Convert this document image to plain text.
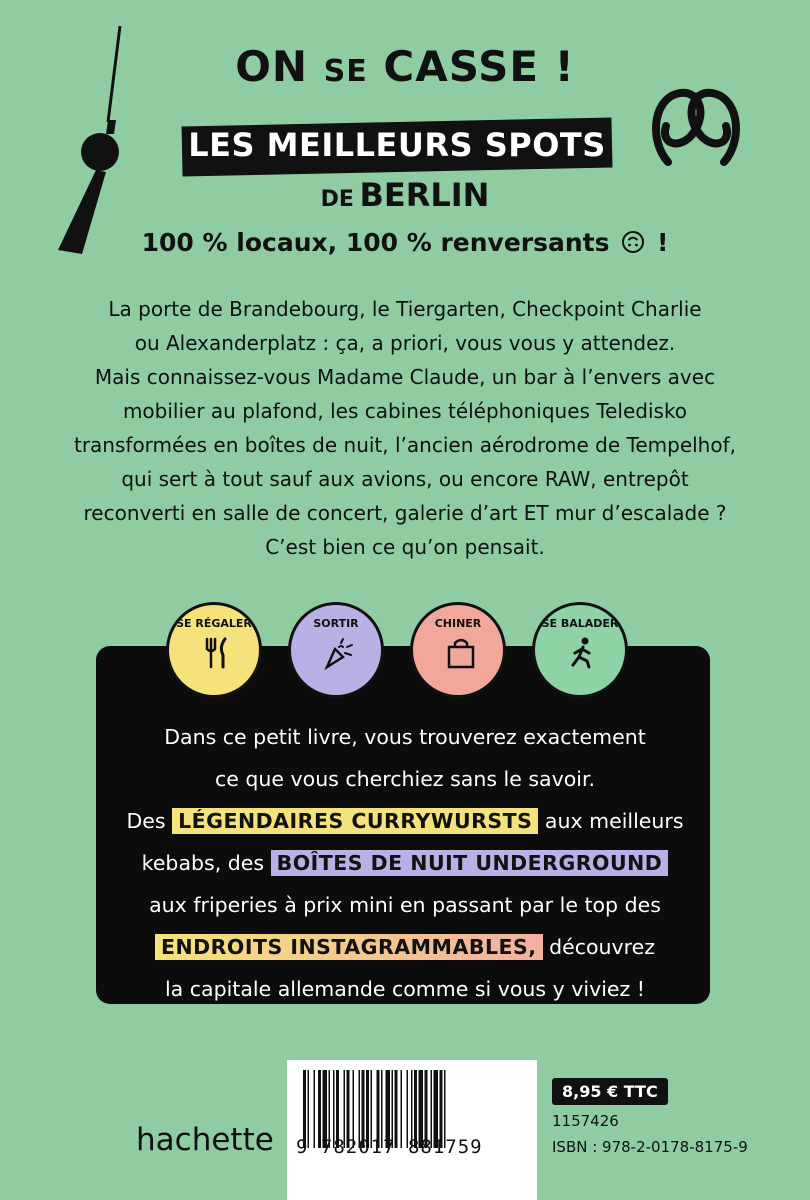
ON SE CASSE !
LES MEILLEURS SPOTS
DE BERLIN
100 % locaux, 100 % renversants !
La porte de Brandebourg, le Tiergarten, Checkpoint Charlie
ou Alexanderplatz : ça, a priori, vous vous y attendez.
Mais connaissez-vous Madame Claude, un bar à l’envers avec
mobilier au plafond, les cabines téléphoniques Teledisko
transformées en boîtes de nuit, l’ancien aérodrome de Tempelhof,
qui sert à tout sauf aux avions, ou encore RAW, entrepôt
reconverti en salle de concert, galerie d’art ET mur d’escalade ?
C’est bien ce qu’on pensait.
SE RÉGALER	SORTIR	CHINER	SE BALADER
Dans ce petit livre, vous trouverez exactement
ce que vous cherchiez sans le savoir.
Des LÉGENDAIRES CURRYWURSTS aux meilleurs
kebabs, des BOÎTES DE NUIT UNDERGROUND
aux friperies à prix mini en passant par le top des
ENDROITS INSTAGRAMMABLES, découvrez
la capitale allemande comme si vous y viviez !
hachette 9 782017 881759
8,95 € TTC
1157426
ISBN : 978-2-0178-8175-9
